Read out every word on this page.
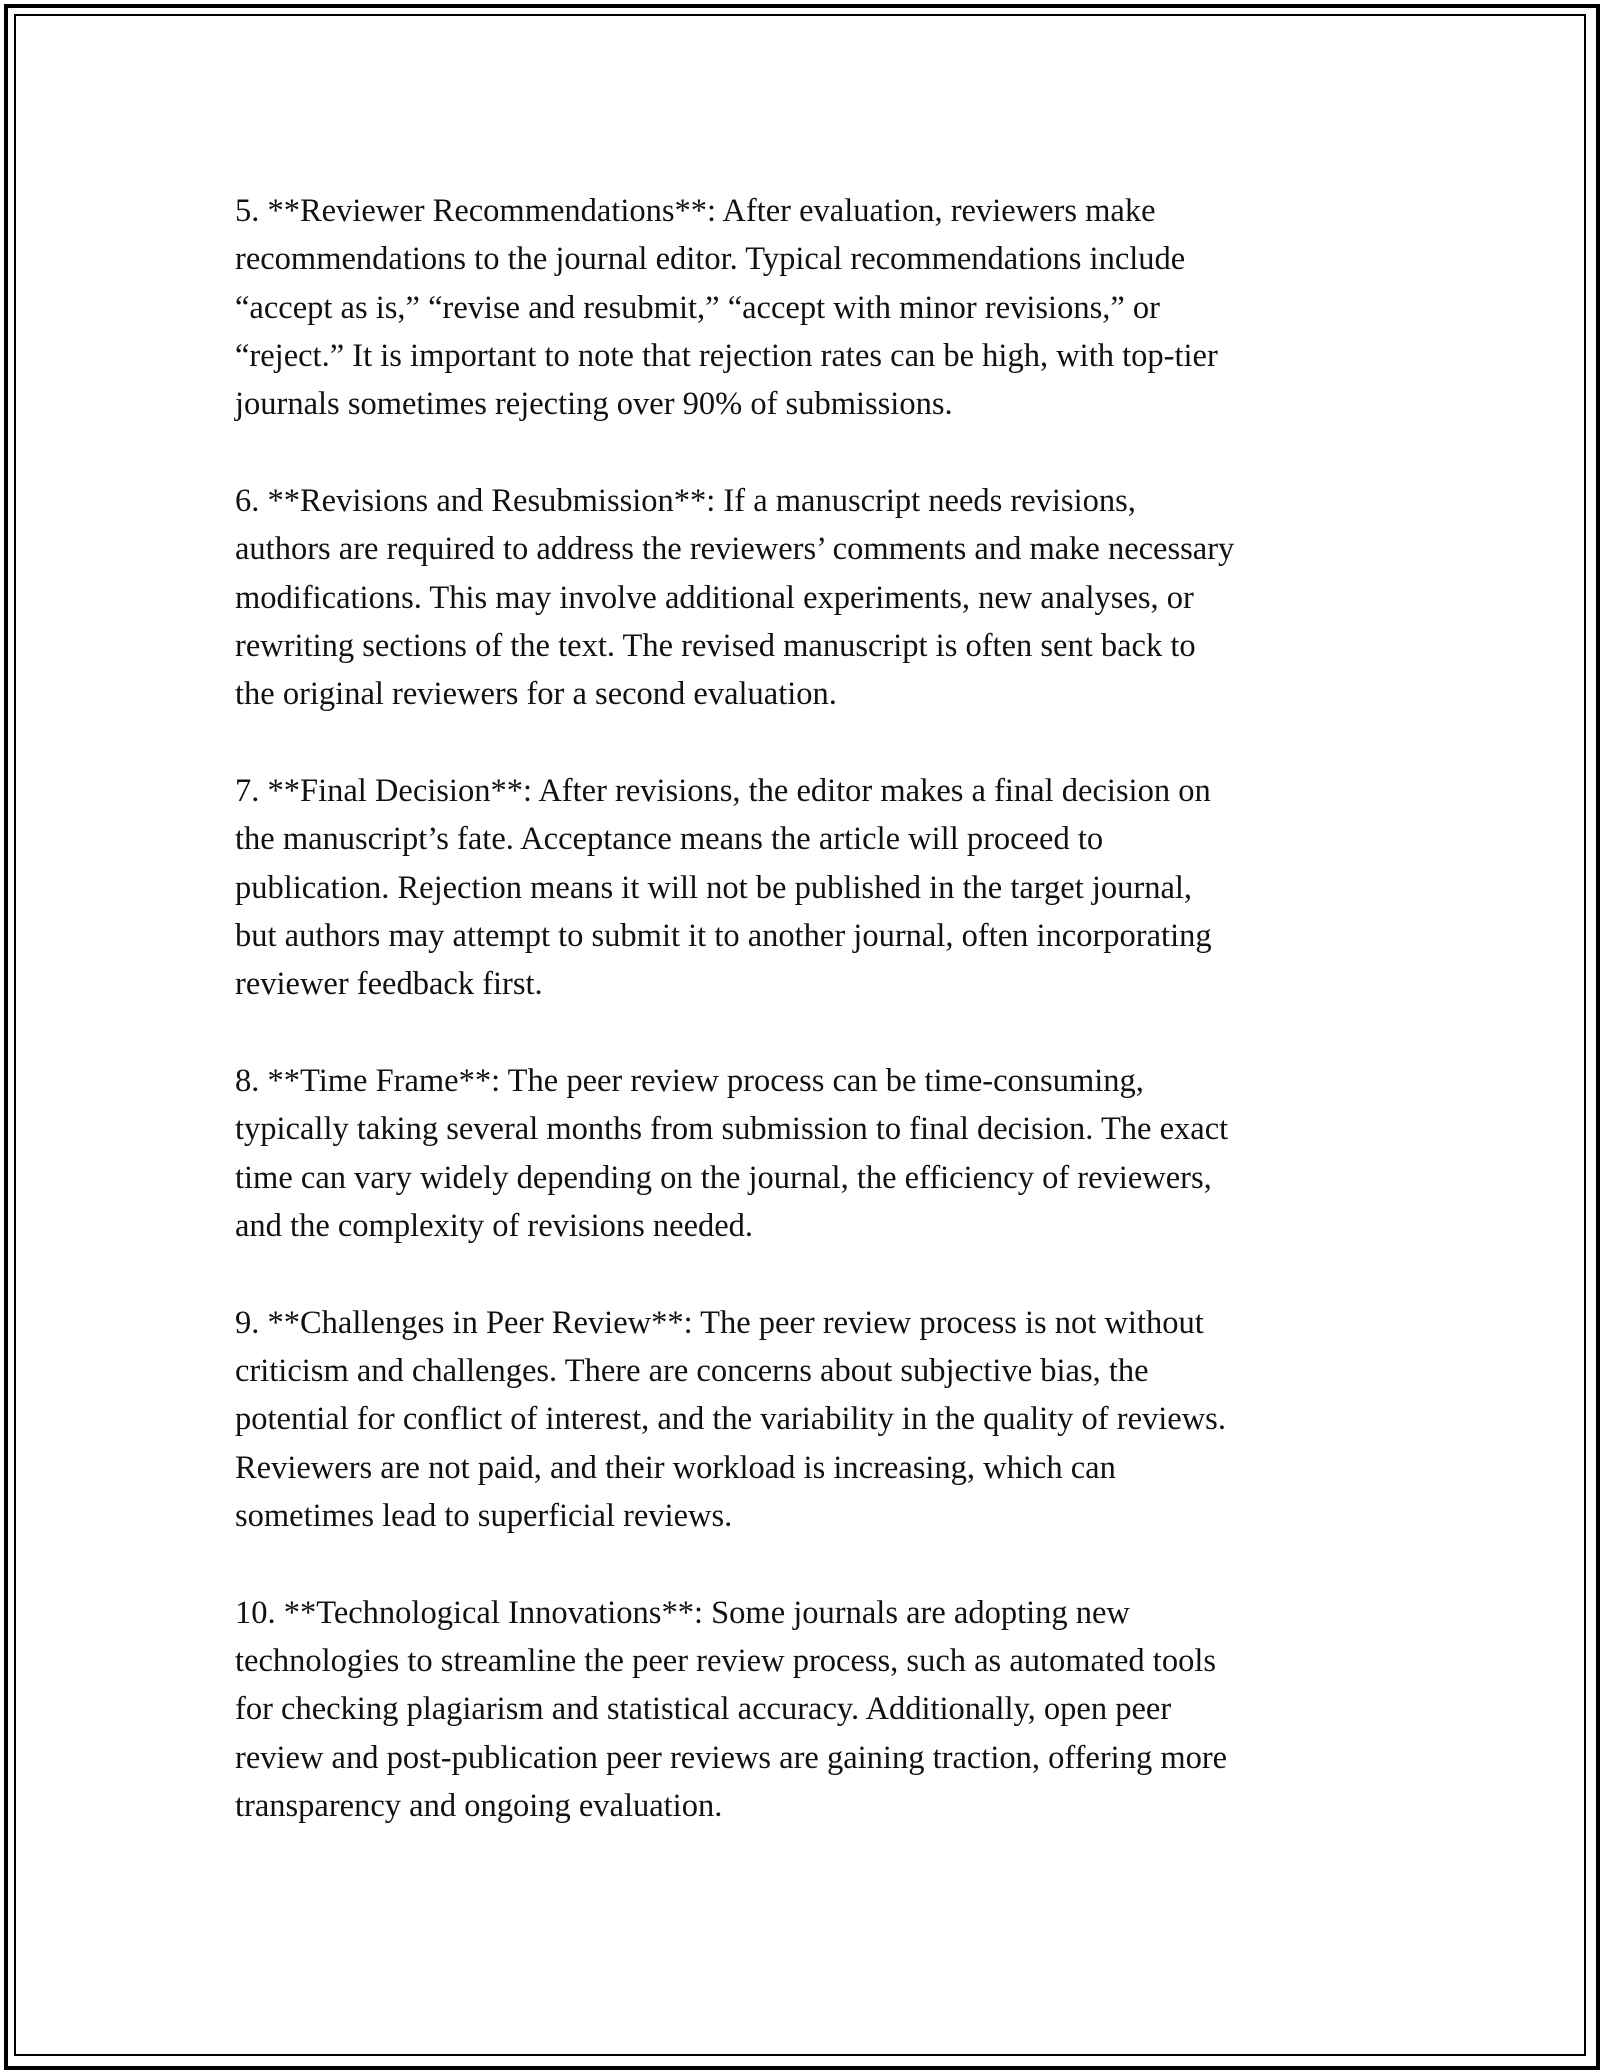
5. **Reviewer Recommendations**: After evaluation, reviewers make
recommendations to the journal editor. Typical recommendations include
“accept as is,” “revise and resubmit,” “accept with minor revisions,” or
“reject.” It is important to note that rejection rates can be high, with top-tier
journals sometimes rejecting over 90% of submissions.

6. **Revisions and Resubmission**: If a manuscript needs revisions,
authors are required to address the reviewers’ comments and make necessary
modifications. This may involve additional experiments, new analyses, or
rewriting sections of the text. The revised manuscript is often sent back to
the original reviewers for a second evaluation.

7. **Final Decision**: After revisions, the editor makes a final decision on
the manuscript’s fate. Acceptance means the article will proceed to
publication. Rejection means it will not be published in the target journal,
but authors may attempt to submit it to another journal, often incorporating
reviewer feedback first.

8. **Time Frame**: The peer review process can be time-consuming,
typically taking several months from submission to final decision. The exact
time can vary widely depending on the journal, the efficiency of reviewers,
and the complexity of revisions needed.

9. **Challenges in Peer Review**: The peer review process is not without
criticism and challenges. There are concerns about subjective bias, the
potential for conflict of interest, and the variability in the quality of reviews.
Reviewers are not paid, and their workload is increasing, which can
sometimes lead to superficial reviews.

10. **Technological Innovations**: Some journals are adopting new
technologies to streamline the peer review process, such as automated tools
for checking plagiarism and statistical accuracy. Additionally, open peer
review and post-publication peer reviews are gaining traction, offering more
transparency and ongoing evaluation.
